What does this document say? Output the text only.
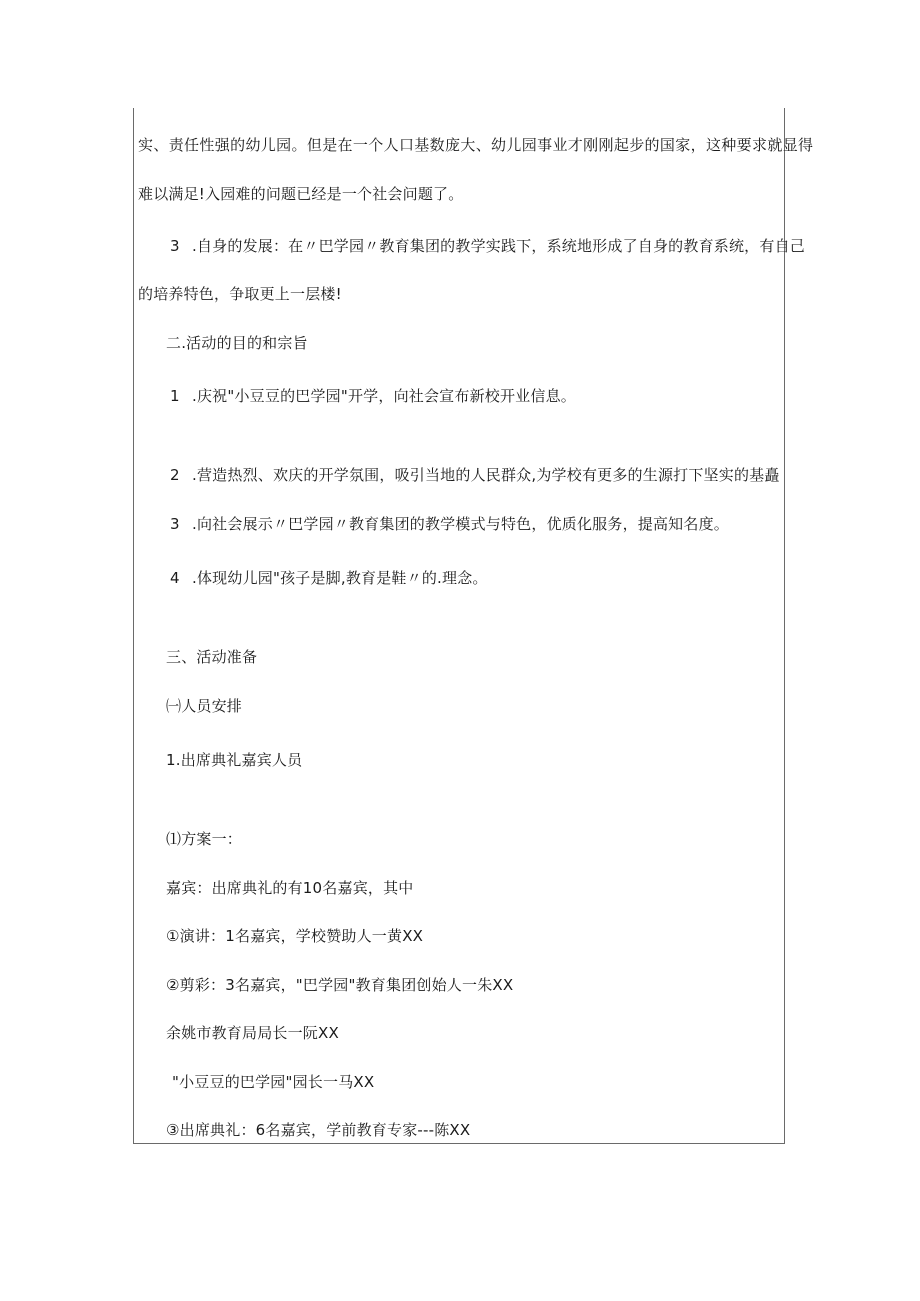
实、责任性强的幼儿园。但是在一个人口基数庞大、幼儿园事业才刚刚起步的国家，这种要求就显得
难以满足!入园难的问题已经是一个社会问题了。
3 .自身的发展：在〃巴学园〃教育集团的教学实践下，系统地形成了自身的教育系统，有自己
的培养特色，争取更上一层楼!
二.活动的目的和宗旨
1 .庆祝"小豆豆的巴学园"开学，向社会宣布新校开业信息。
2 .营造热烈、欢庆的开学氛围，吸引当地的人民群众,为学校有更多的生源打下坚实的基矗
3 .向社会展示〃巴学园〃教育集团的教学模式与特色，优质化服务，提高知名度。
4 .体现幼儿园"孩子是脚,教育是鞋〃的.理念。
三、活动准备
㈠人员安排
1.出席典礼嘉宾人员
⑴方案一：
嘉宾：出席典礼的有10名嘉宾，其中
①演讲：1名嘉宾，学校赞助人一黄XX
②剪彩：3名嘉宾，"巴学园"教育集团创始人一朱XX
余姚市教育局局长一阮XX
"小豆豆的巴学园"园长一马XX
③出席典礼：6名嘉宾，学前教育专家---陈XX
